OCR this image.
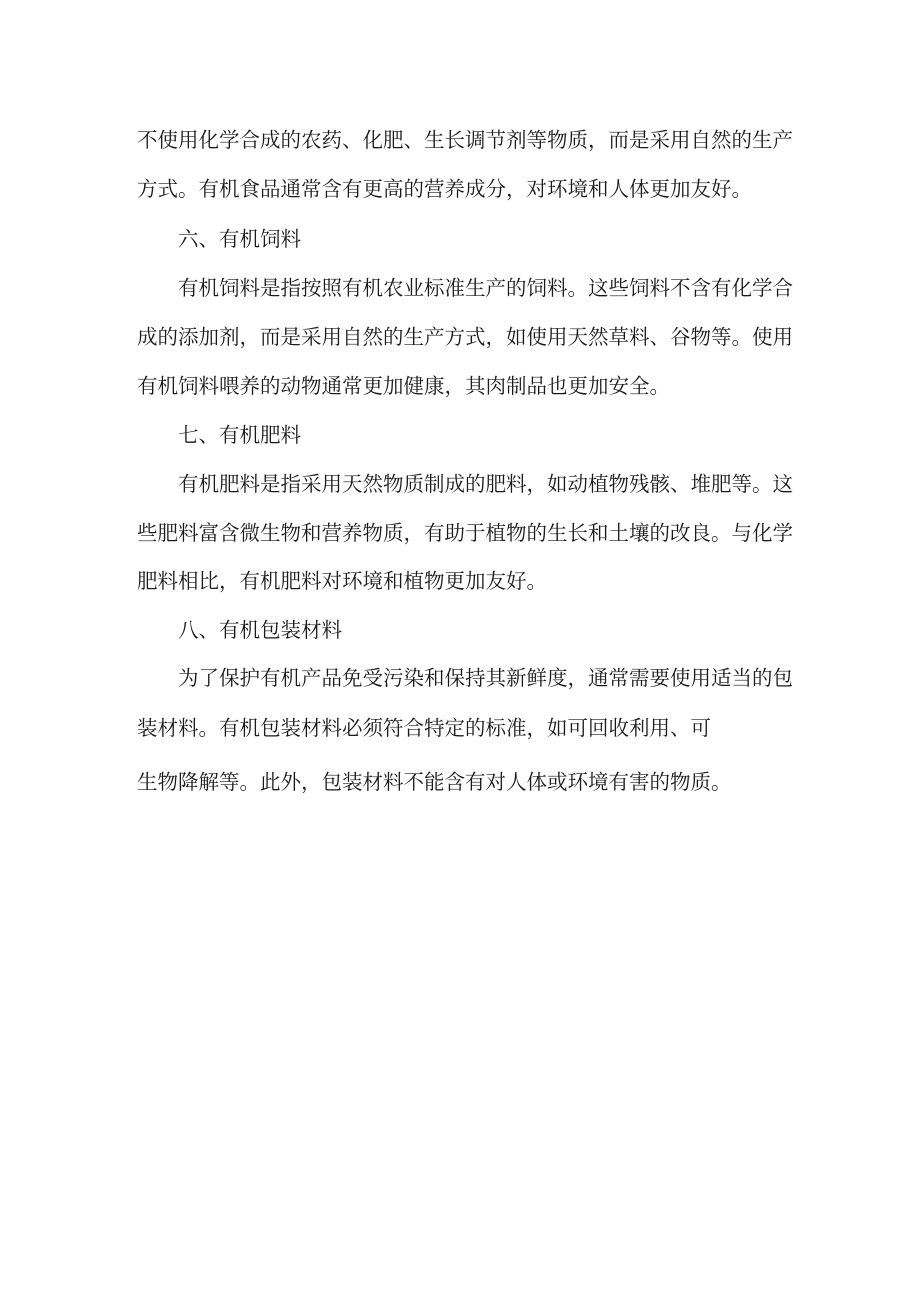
不使用化学合成的农药、化肥、生长调节剂等物质，而是采用自然的生产

方式。有机食品通常含有更高的营养成分，对环境和人体更加友好。

六、有机饲料

有机饲料是指按照有机农业标准生产的饲料。这些饲料不含有化学合

成的添加剂，而是采用自然的生产方式，如使用天然草料、谷物等。使用

有机饲料喂养的动物通常更加健康，其肉制品也更加安全。

七、有机肥料

有机肥料是指采用天然物质制成的肥料，如动植物残骸、堆肥等。这

些肥料富含微生物和营养物质，有助于植物的生长和土壤的改良。与化学

肥料相比，有机肥料对环境和植物更加友好。

八、有机包装材料

为了保护有机产品免受污染和保持其新鲜度，通常需要使用适当的包

装材料。有机包装材料必须符合特定的标准，如可回收利用、可

生物降解等。此外，包装材料不能含有对人体或环境有害的物质。
